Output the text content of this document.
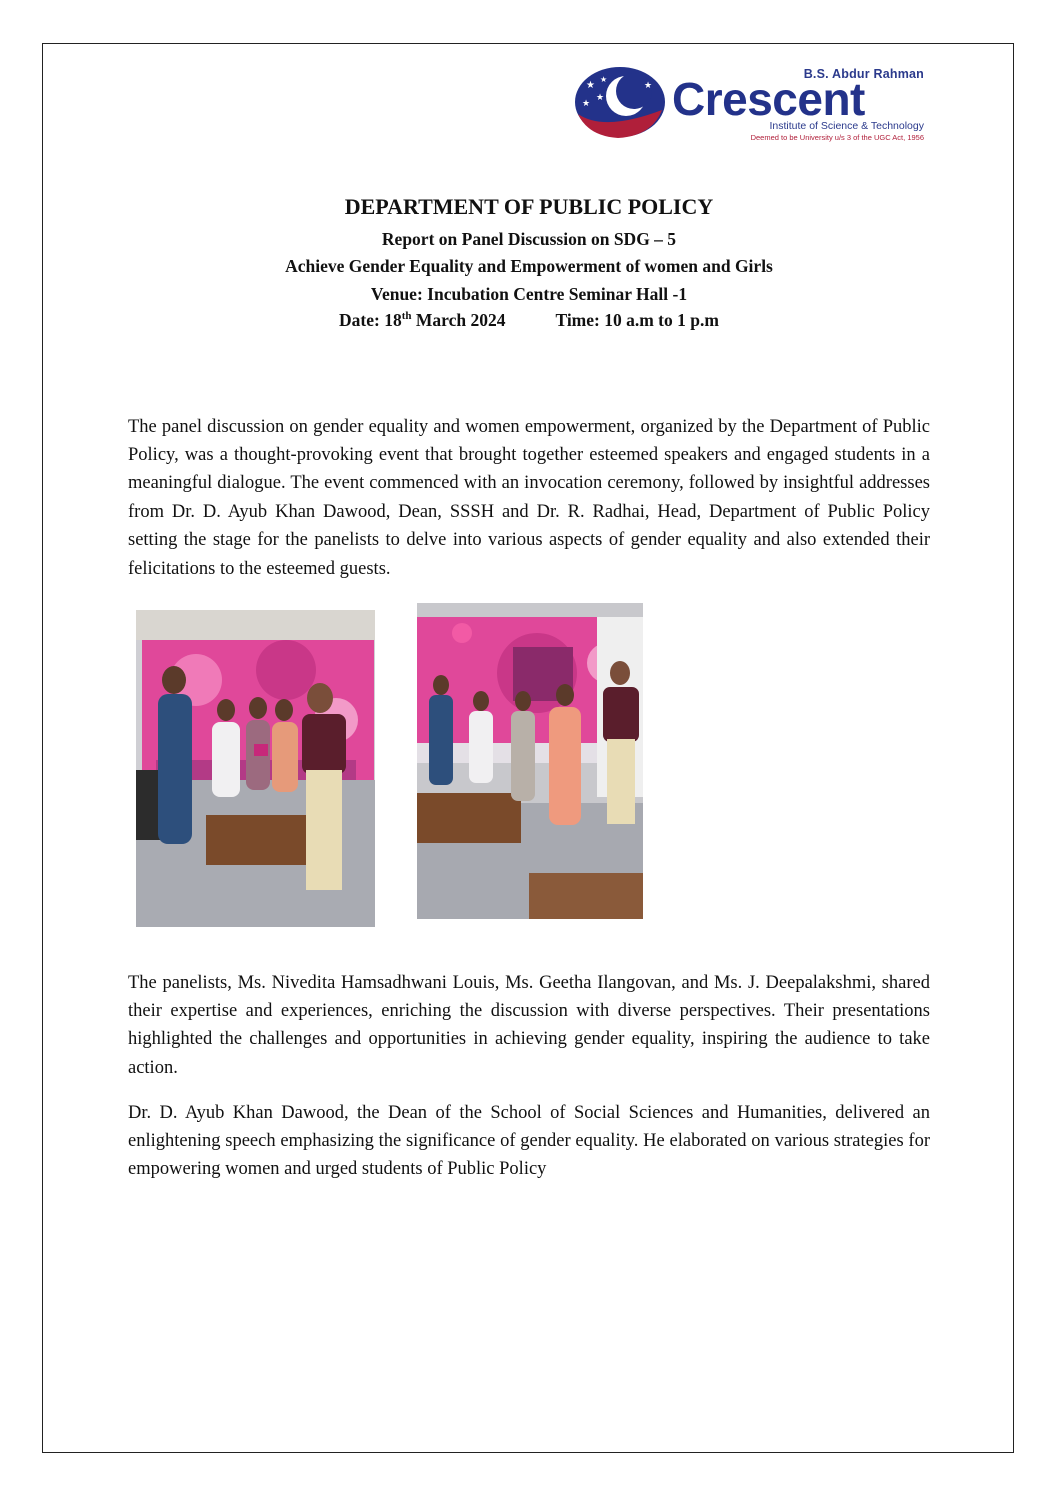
★
★
★
★
★
B.S. Abdur Rahman
Crescent
Institute of Science & Technology
Deemed to be University u/s 3 of the UGC Act, 1956
DEPARTMENT OF PUBLIC POLICY
Report on Panel Discussion on SDG – 5
Achieve Gender Equality and Empowerment of women and Girls
Venue: Incubation Centre Seminar Hall -1
Date: 18th March 2024	Time: 10 a.m to 1 p.m

The panel discussion on gender equality and women empowerment, organized by the Department of Public Policy, was a thought-provoking event that brought together esteemed speakers and engaged students in a meaningful dialogue. The event commenced with an invocation ceremony, followed by insightful addresses from Dr. D. Ayub Khan Dawood, Dean, SSSH and Dr. R. Radhai, Head, Department of Public Policy setting the stage for the panelists to delve into various aspects of gender equality and also extended their felicitations to the esteemed guests.

The panelists, Ms. Nivedita Hamsadhwani Louis, Ms. Geetha Ilangovan, and Ms. J. Deepalakshmi, shared their expertise and experiences, enriching the discussion with diverse perspectives. Their presentations highlighted the challenges and opportunities in achieving gender equality, inspiring the audience to take action.

Dr. D. Ayub Khan Dawood, the Dean of the School of Social Sciences and Humanities, delivered an enlightening speech emphasizing the significance of gender equality. He elaborated on various strategies for empowering women and urged students of Public Policy
